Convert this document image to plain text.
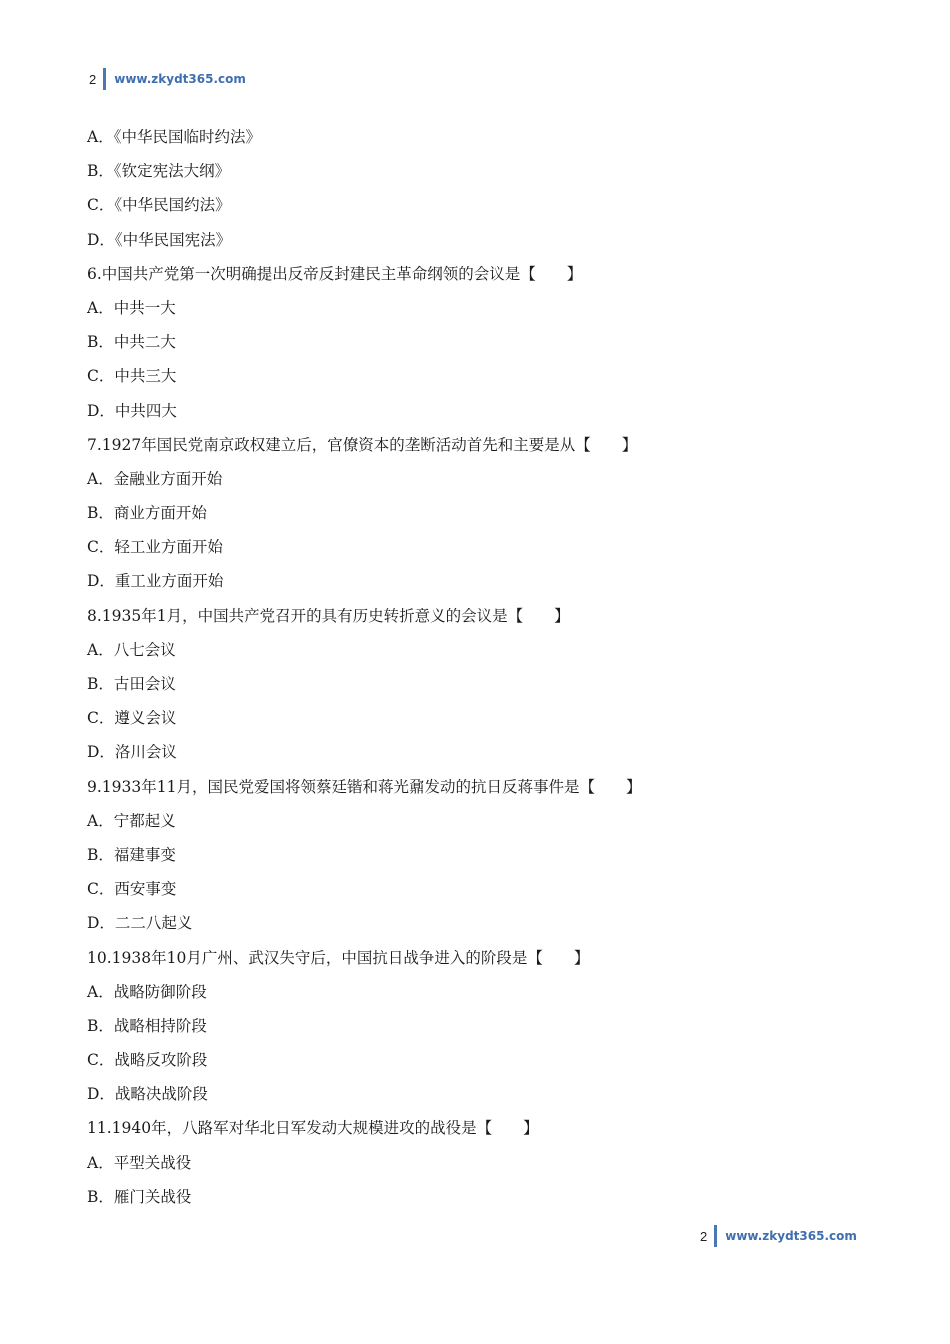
2 www.zkydt365.com
A．《中华民国临时约法》
B．《钦定宪法大纲》
C．《中华民国约法》
D．《中华民国宪法》
6.中国共产党第一次明确提出反帝反封建民主革命纲领的会议是【　　】
A．中共一大
B．中共二大
C．中共三大
D．中共四大
7.1927年国民党南京政权建立后，官僚资本的垄断活动首先和主要是从【　　】
A．金融业方面开始
B．商业方面开始
C．轻工业方面开始
D．重工业方面开始
8.1935年1月，中国共产党召开的具有历史转折意义的会议是【　　】
A．八七会议
B．古田会议
C．遵义会议
D．洛川会议
9.1933年11月，国民党爱国将领蔡廷锴和蒋光鼐发动的抗日反蒋事件是【　　】
A．宁都起义
B．福建事变
C．西安事变
D．二二八起义
10.1938年10月广州、武汉失守后，中国抗日战争进入的阶段是【　　】
A．战略防御阶段
B．战略相持阶段
C．战略反攻阶段
D．战略决战阶段
11.1940年，八路军对华北日军发动大规模进攻的战役是【　　】
A．平型关战役
B．雁门关战役
2 www.zkydt365.com
